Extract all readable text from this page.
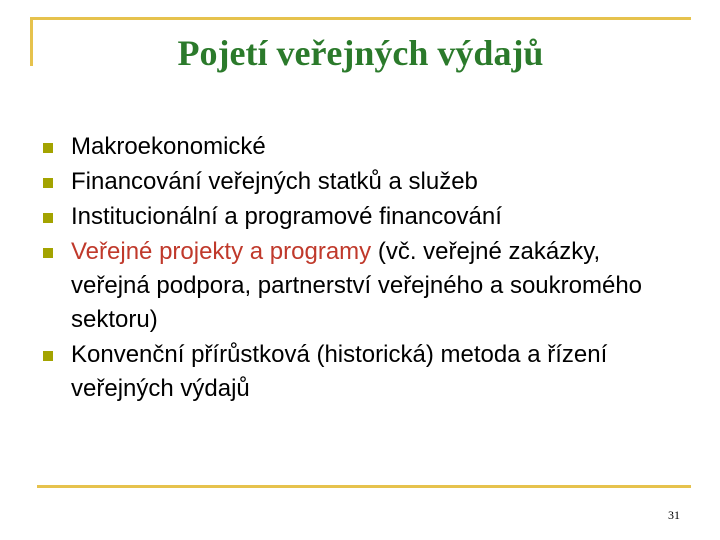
Pojetí veřejných výdajů
Makroekonomické
Financování veřejných statků a služeb
Institucionální a programové financování
Veřejné projekty a programy (vč. veřejné zakázky, veřejná podpora, partnerství veřejného a soukromého sektoru)
Konvenční přírůstková (historická) metoda a řízení veřejných výdajů
31
